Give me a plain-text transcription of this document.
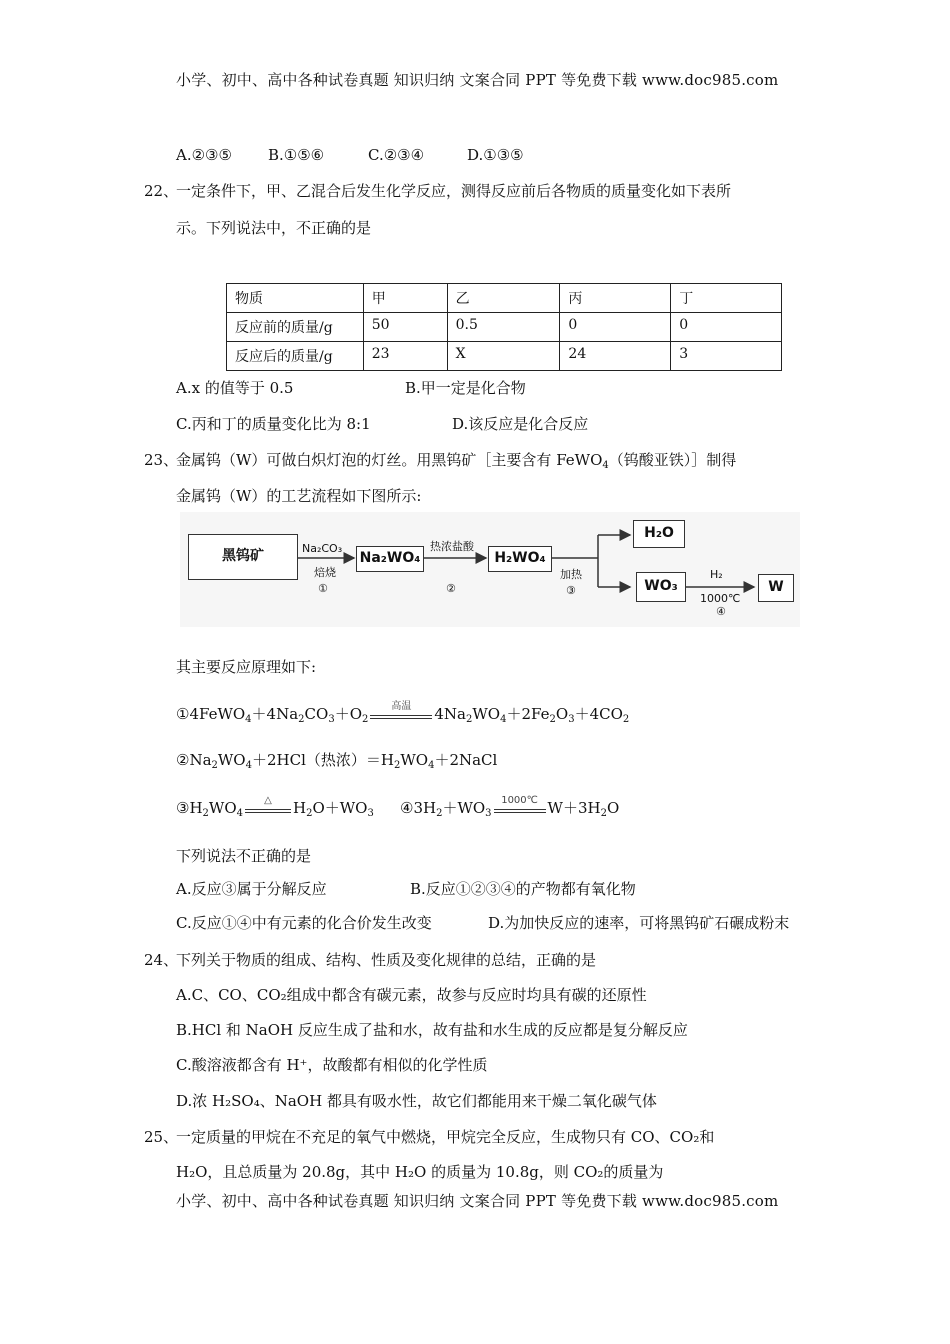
小学、初中、高中各种试卷真题 知识归纳 文案合同 PPT 等免费下载 www.doc985.com
A.②③⑤ B.①⑤⑥	C.②③④	D.①③⑤
22、
一定条件下，甲、乙混合后发生化学反应，测得反应前后各物质的质量变化如下表所
示。下列说法中，不正确的是
物质	甲	乙	丙	丁
反应前的质量/g	50	0.5	0	0
反应后的质量/g	23	X	24	3
A.x 的值等于 0.5	B.甲一定是化合物
C.丙和丁的质量变化比为 8:1	D.该反应是化合反应
23、
金属钨（W）可做白炽灯泡的灯丝。用黑钨矿［主要含有 FeWO$_4$（钨酸亚铁）］制得
金属钨（W）的工艺流程如下图所示:
黑钨矿	Na₂CO₃
焙烧
①
Na₂WO₄
热浓盐酸
②
H₂WO₄
加热
③
H₂O
WO₃
H₂
1000℃
④
W
其主要反应原理如下:
$①4FeWO_4+4Na_2CO_3+O_2$
高温	$4Na_2WO_4+2Fe_2O_3+4CO_2$
$②Na_2WO_4+2HCl$（热浓）$=H_2WO_4+2NaCl$
$③H_2WO_4$
△	$H_2O+WO_3$ $④3H_2+WO_3$
1000℃ $W+3H_2O$
下列说法不正确的是
A.反应③属于分解反应	B.反应①②③④的产物都有氧化物
C.反应①④中有元素的化合价发生改变	D.为加快反应的速率，可将黑钨矿石碾成粉末
24、
下列关于物质的组成、结构、性质及变化规律的总结，正确的是
A.C、CO、CO₂组成中都含有碳元素，故参与反应时均具有碳的还原性
B.HCl 和 NaOH 反应生成了盐和水，故有盐和水生成的反应都是复分解反应
C.酸溶液都含有 H⁺，故酸都有相似的化学性质
D.浓 H₂SO₄、NaOH 都具有吸水性，故它们都能用来干燥二氧化碳气体
25、
一定质量的甲烷在不充足的氧气中燃烧，甲烷完全反应，生成物只有 CO、CO₂和
H₂O，且总质量为 20.8g，其中 H₂O 的质量为 10.8g，则 CO₂的质量为
小学、初中、高中各种试卷真题 知识归纳 文案合同 PPT 等免费下载 www.doc985.com
